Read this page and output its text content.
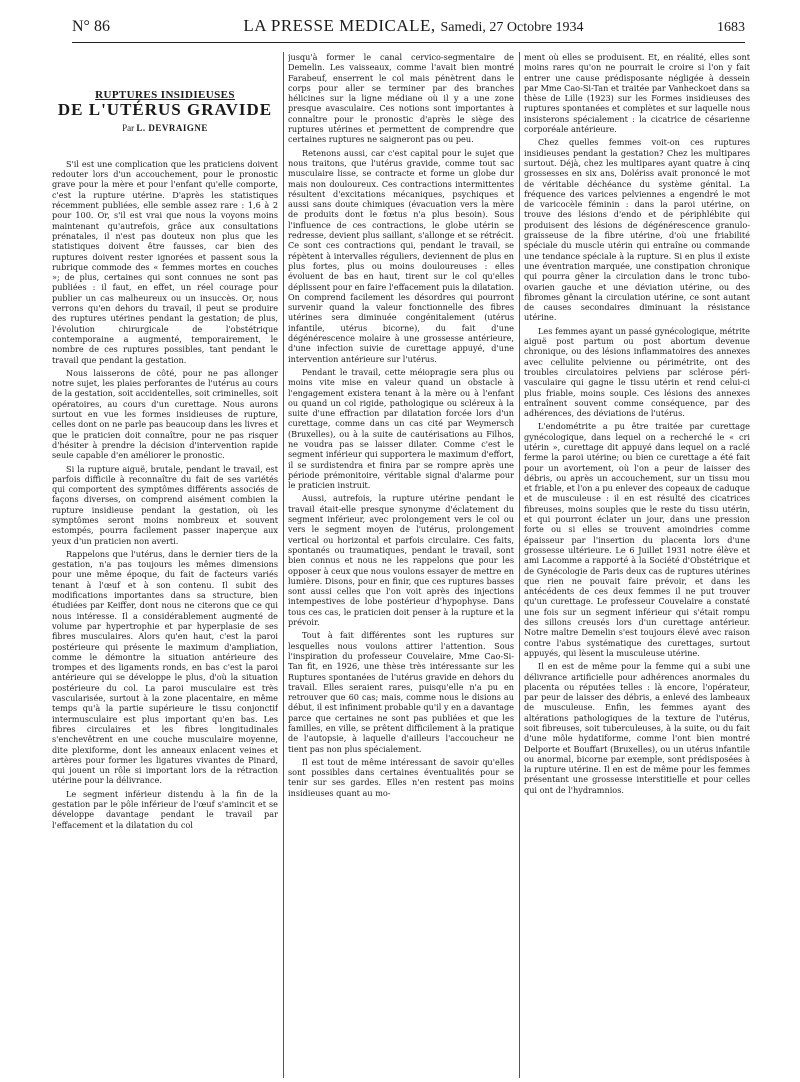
N° 86	LA PRESSE MEDICALE, Samedi, 27 Octobre 1934	1683
RUPTURES INSIDIEUSES
DE L'UTÉRUS GRAVIDE
Par L. DEVRAIGNE

S'il est une complication que les praticiens doivent redouter lors d'un accouchement, pour le pronostic grave pour la mère et pour l'enfant qu'elle comporte, c'est la rupture utérine. D'après les statistiques récemment publiées, elle semble assez rare : 1,6 à 2 pour 100. Or, s'il est vrai que nous la voyons moins maintenant qu'autrefois, grâce aux consultations prénatales, il n'est pas douteux non plus que les statistiques doivent être fausses, car bien des ruptures doivent rester ignorées et passent sous la rubrique commode des « femmes mortes en couches »; de plus, certaines qui sont connues ne sont pas publiées : il faut, en effet, un réel courage pour publier un cas malheureux ou un insuccès. Or, nous verrons qu'en dehors du travail, il peut se produire des ruptures utérines pendant la gestation; de plus, l'évolution chirurgicale de l'obstétrique contemporaine a augmenté, temporairement, le nombre de ces ruptures possibles, tant pendant le travail que pendant la gestation.

Nous laisserons de côté, pour ne pas allonger notre sujet, les plaies perforantes de l'utérus au cours de la gestation, soit accidentelles, soit criminelles, soit opératoires, au cours d'un curettage. Nous aurons surtout en vue les formes insidieuses de rupture, celles dont on ne parle pas beaucoup dans les livres et que le praticien doit connaître, pour ne pas risquer d'hésiter à prendre la décision d'intervention rapide seule capable d'en améliorer le pronostic.

Si la rupture aiguë, brutale, pendant le travail, est parfois difficile à reconnaître du fait de ses variétés qui comportent des symptômes différents associés de façons diverses, on comprend aisément combien la rupture insidieuse pendant la gestation, où les symptômes seront moins nombreux et souvent estompés, pourra facilement passer inaperçue aux yeux d'un praticien non averti.

Rappelons que l'utérus, dans le dernier tiers de la gestation, n'a pas toujours les mêmes dimensions pour une même époque, du fait de facteurs variés tenant à l'œuf et à son contenu. Il subit des modifications importantes dans sa structure, bien étudiées par Keiffer, dont nous ne citerons que ce qui nous intéresse. Il a considérablement augmenté de volume par hypertrophie et par hyperplasie de ses fibres musculaires. Alors qu'en haut, c'est la paroi postérieure qui présente le maximum d'ampliation, comme le démontre la situation antérieure des trompes et des ligaments ronds, en bas c'est la paroi antérieure qui se développe le plus, d'où la situation postérieure du col. La paroi musculaire est très vascularisée, surtout à la zone placentaire, en même temps qu'à la partie supérieure le tissu conjonctif intermusculaire est plus important qu'en bas. Les fibres circulaires et les fibres longitudinales s'enchevêtrent en une couche musculaire moyenne, dite plexiforme, dont les anneaux enlacent veines et artères pour former les ligatures vivantes de Pinard, qui jouent un rôle si important lors de la rétraction utérine pour la délivrance.

Le segment inférieur distendu à la fin de la gestation par le pôle inférieur de l'œuf s'amincit et se développe davantage pendant le travail par l'effacement et la dilatation du col

jusqu'à former le canal cervico-segmentaire de Demelin. Les vaisseaux, comme l'avait bien montré Farabeuf, enserrent le col mais pénètrent dans le corps pour aller se terminer par des branches hélicines sur la ligne médiane où il y a une zone presque avasculaire. Ces notions sont importantes à connaître pour le pronostic d'après le siège des ruptures utérines et permettent de comprendre que certaines ruptures ne saigneront pas ou peu.

Retenons aussi, car c'est capital pour le sujet que nous traitons, que l'utérus gravide, comme tout sac musculaire lisse, se contracte et forme un globe dur mais non douloureux. Ces contractions intermittentes résultent d'excitations mécaniques, psychiques et aussi sans doute chimiques (évacuation vers la mère de produits dont le fœtus n'a plus besoin). Sous l'influence de ces contractions, le globe utérin se redresse, devient plus saillant, s'allonge et se rétrécit. Ce sont ces contractions qui, pendant le travail, se répètent à intervalles réguliers, deviennent de plus en plus fortes, plus ou moins douloureuses : elles évoluent de bas en haut, tirent sur le col qu'elles déplissent pour en faire l'effacement puis la dilatation. On comprend facilement les désordres qui pourront survenir quand la valeur fonctionnelle des fibres utérines sera diminuée congénitalement (utérus infantile, utérus bicorne), du fait d'une dégénérescence molaire à une grossesse antérieure, d'une infection suivie de curettage appuyé, d'une intervention antérieure sur l'utérus.

Pendant le travail, cette méiopragie sera plus ou moins vite mise en valeur quand un obstacle à l'engagement existera tenant à la mère ou à l'enfant ou quand un col rigide, pathologique ou scléreux à la suite d'une effraction par dilatation forcée lors d'un curettage, comme dans un cas cité par Weymersch (Bruxelles), ou à la suite de cautérisations au Filhos, ne voudra pas se laisser dilater. Comme c'est le segment inférieur qui supportera le maximum d'effort, il se surdistendra et finira par se rompre après une période prémonitoire, véritable signal d'alarme pour le praticien instruit.

Aussi, autrefois, la rupture utérine pendant le travail était-elle presque synonyme d'éclatement du segment inférieur, avec prolongement vers le col ou vers le segment moyen de l'utérus, prolongement vertical ou horizontal et parfois circulaire. Ces faits, spontanés ou traumatiques, pendant le travail, sont bien connus et nous ne les rappelons que pour les opposer à ceux que nous voulons essayer de mettre en lumière. Disons, pour en finir, que ces ruptures basses sont aussi celles que l'on voit après des injections intempestives de lobe postérieur d'hypophyse. Dans tous ces cas, le praticien doit penser à la rupture et la prévoir.

Tout à fait différentes sont les ruptures sur lesquelles nous voulons attirer l'attention. Sous l'inspiration du professeur Couvelaire, Mme Cao-Si-Tan fit, en 1926, une thèse très intéressante sur les Ruptures spontanées de l'utérus gravide en dehors du travail. Elles seraient rares, puisqu'elle n'a pu en retrouver que 60 cas; mais, comme nous le disions au début, il est infiniment probable qu'il y en a davantage parce que certaines ne sont pas publiées et que les familles, en ville, se prêtent difficilement à la pratique de l'autopsie, à laquelle d'ailleurs l'accoucheur ne tient pas non plus spécialement.

Il est tout de même intéressant de savoir qu'elles sont possibles dans certaines éventualités pour se tenir sur ses gardes. Elles n'en restent pas moins insidieuses quant au mo-

ment où elles se produisent. Et, en réalité, elles sont moins rares qu'on ne pourrait le croire si l'on y fait entrer une cause prédisposante négligée à dessein par Mme Cao-Si-Tan et traitée par Vanheckoet dans sa thèse de Lille (1923) sur les Formes insidieuses des ruptures spontanées et complètes et sur laquelle nous insisterons spécialement : la cicatrice de césarienne corporéale antérieure.

Chez quelles femmes voit-on ces ruptures insidieuses pendant la gestation? Chez les multipares surtout. Déjà, chez les multipares ayant quatre à cinq grossesses en six ans, Dolériss avait prononcé le mot de véritable déchéance du système génital. La fréquence des varices pelviennes a engendré le mot de varicocèle féminin : dans la paroi utérine, on trouve des lésions d'endo et de périphlébite qui produisent des lésions de dégénérescence granulo-graisseuse de la fibre utérine, d'où une friabilité spéciale du muscle utérin qui entraîne ou commande une tendance spéciale à la rupture. Si en plus il existe une éventration marquée, une constipation chronique qui pourra gêner la circulation dans le tronc tubo-ovarien gauche et une déviation utérine, ou des fibromes gênant la circulation utérine, ce sont autant de causes secondaires diminuant la résistance utérine.

Les femmes ayant un passé gynécologique, métrite aiguë post partum ou post abortum devenue chronique, ou des lésions inflammatoires des annexes avec cellulite pelvienne ou périmétrite, ont des troubles circulatoires pelviens par sclérose péri-vasculaire qui gagne le tissu utérin et rend celui-ci plus friable, moins souple. Ces lésions des annexes entraînent souvent comme conséquence, par des adhérences, des déviations de l'utérus.

L'endométrite a pu être traitée par curettage gynécologique, dans lequel on a recherché le « cri utérin », curettage dit appuyé dans lequel on a raclé ferme la paroi utérine; ou bien ce curettage a été fait pour un avortement, où l'on a peur de laisser des débris, ou après un accouchement, sur un tissu mou et friable, et l'on a pu enlever des copeaux de caduque et de musculeuse : il en est résulté des cicatrices fibreuses, moins souples que le reste du tissu utérin, et qui pourront éclater un jour, dans une pression forte ou si elles se trouvent amoindries comme épaisseur par l'insertion du placenta lors d'une grossesse ultérieure. Le 6 Juillet 1931 notre élève et ami Lacomme a rapporté à la Société d'Obstétrique et de Gynécologie de Paris deux cas de ruptures utérines que rien ne pouvait faire prévoir, et dans les antécédents de ces deux femmes il ne put trouver qu'un curettage. Le professeur Couvelaire a constaté une fois sur un segment inférieur qui s'était rompu des sillons creusés lors d'un curettage antérieur. Notre maître Demelin s'est toujours élevé avec raison contre l'abus systématique des curettages, surtout appuyés, qui lèsent la musculeuse utérine.

Il en est de même pour la femme qui a subi une délivrance artificielle pour adhérences anormales du placenta ou réputées telles : là encore, l'opérateur, par peur de laisser des débris, a enlevé des lambeaux de musculeuse. Enfin, les femmes ayant des altérations pathologiques de la texture de l'utérus, soit fibreuses, soit tuberculeuses, à la suite, ou du fait d'une môle hydatiforme, comme l'ont bien montré Delporte et Bouffart (Bruxelles), ou un utérus infantile ou anormal, bicorne par exemple, sont prédisposées à la rupture utérine. Il en est de même pour les femmes présentant une grossesse interstitielle et pour celles qui ont de l'hydramnios.
